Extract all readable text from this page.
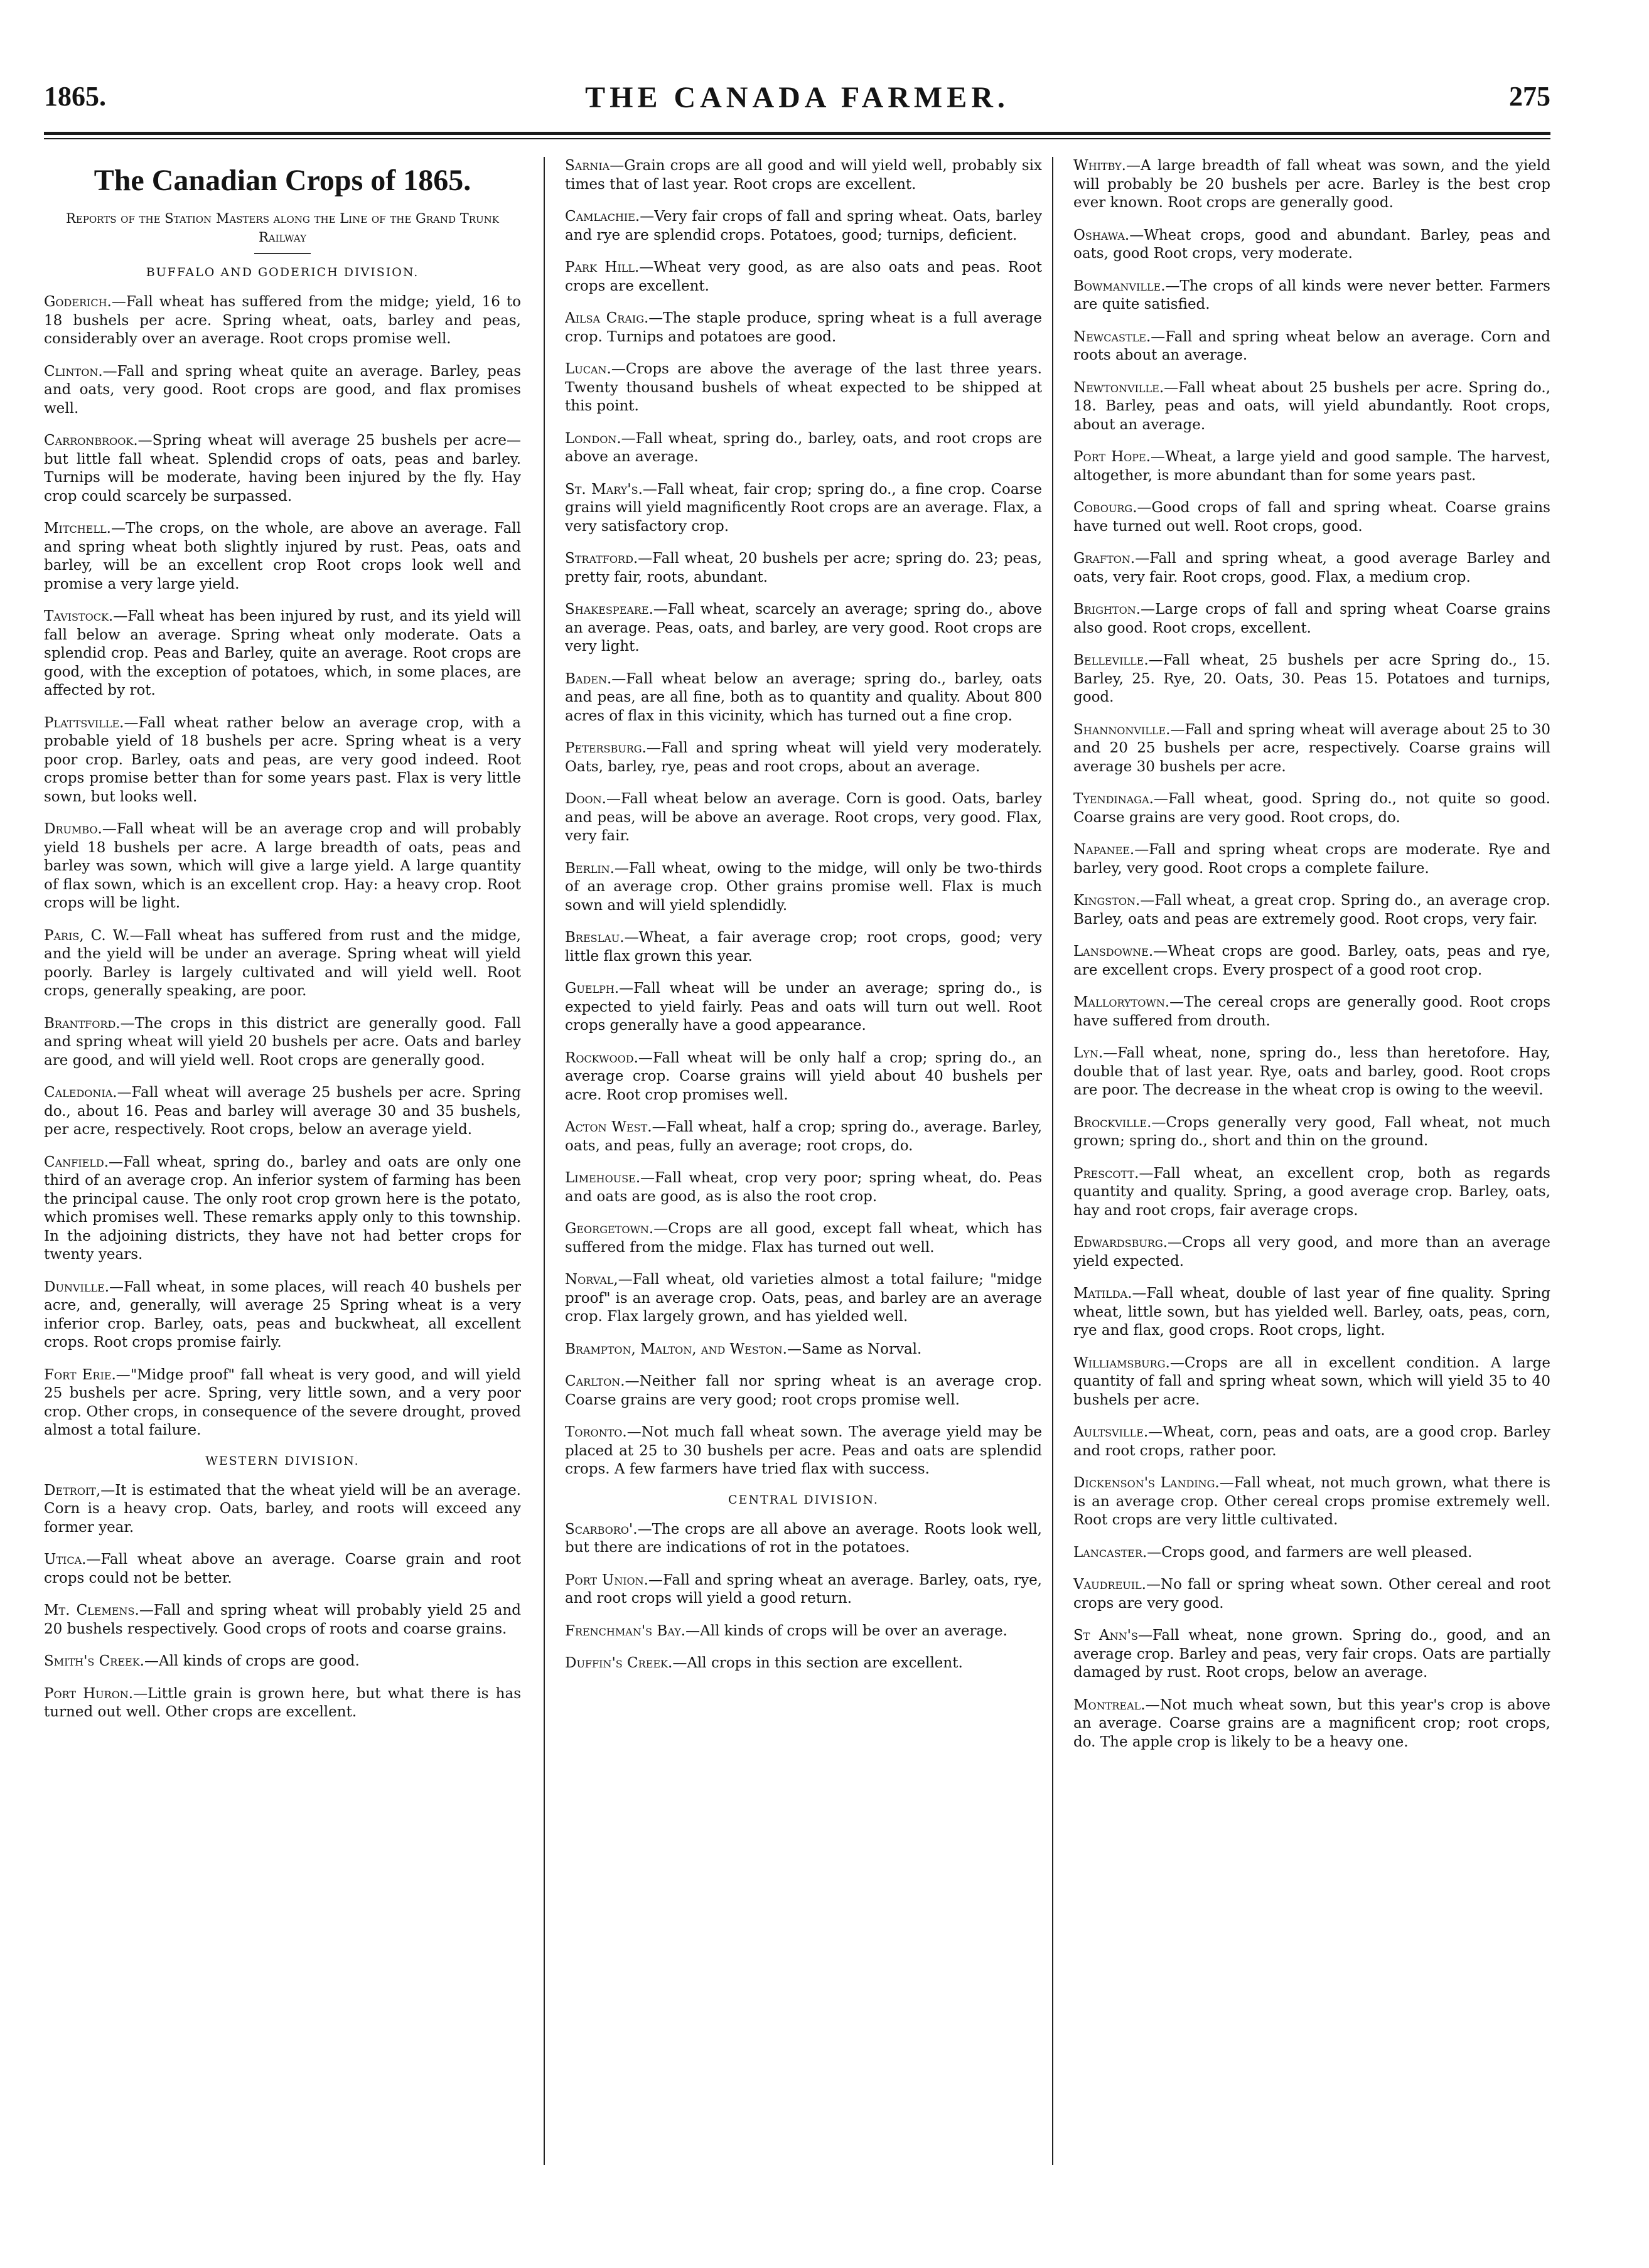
1865.	THE CANADA FARMER.	275
The Canadian Crops of 1865.
Reports of the Station Masters along the Line of the Grand Trunk Railway
BUFFALO AND GODERICH DIVISION.

Goderich.—Fall wheat has suffered from the midge; yield, 16 to 18 bushels per acre. Spring wheat, oats, barley and peas, considerably over an average. Root crops promise well.

Clinton.—Fall and spring wheat quite an average. Barley, peas and oats, very good. Root crops are good, and flax promises well.

Carronbrook.—Spring wheat will average 25 bushels per acre—but little fall wheat. Splendid crops of oats, peas and barley. Turnips will be moderate, having been injured by the fly. Hay crop could scarcely be surpassed.

Mitchell.—The crops, on the whole, are above an average. Fall and spring wheat both slightly injured by rust. Peas, oats and barley, will be an excellent crop Root crops look well and promise a very large yield.

Tavistock.—Fall wheat has been injured by rust, and its yield will fall below an average. Spring wheat only moderate. Oats a splendid crop. Peas and Barley, quite an average. Root crops are good, with the exception of potatoes, which, in some places, are affected by rot.

Plattsville.—Fall wheat rather below an average crop, with a probable yield of 18 bushels per acre. Spring wheat is a very poor crop. Barley, oats and peas, are very good indeed. Root crops promise better than for some years past. Flax is very little sown, but looks well.

Drumbo.—Fall wheat will be an average crop and will probably yield 18 bushels per acre. A large breadth of oats, peas and barley was sown, which will give a large yield. A large quantity of flax sown, which is an excellent crop. Hay: a heavy crop. Root crops will be light.

Paris, C. W.—Fall wheat has suffered from rust and the midge, and the yield will be under an average. Spring wheat will yield poorly. Barley is largely cultivated and will yield well. Root crops, generally speaking, are poor.

Brantford.—The crops in this district are generally good. Fall and spring wheat will yield 20 bushels per acre. Oats and barley are good, and will yield well. Root crops are generally good.

Caledonia.—Fall wheat will average 25 bushels per acre. Spring do., about 16. Peas and barley will average 30 and 35 bushels, per acre, respectively. Root crops, below an average yield.

Canfield.—Fall wheat, spring do., barley and oats are only one third of an average crop. An inferior system of farming has been the principal cause. The only root crop grown here is the potato, which promises well. These remarks apply only to this township. In the adjoining districts, they have not had better crops for twenty years.

Dunville.—Fall wheat, in some places, will reach 40 bushels per acre, and, generally, will average 25 Spring wheat is a very inferior crop. Barley, oats, peas and buckwheat, all excellent crops. Root crops promise fairly.

Fort Erie.—"Midge proof" fall wheat is very good, and will yield 25 bushels per acre. Spring, very little sown, and a very poor crop. Other crops, in consequence of the severe drought, proved almost a total failure.

WESTERN DIVISION.

Detroit,—It is estimated that the wheat yield will be an average. Corn is a heavy crop. Oats, barley, and roots will exceed any former year.

Utica.—Fall wheat above an average. Coarse grain and root crops could not be better.

Mt. Clemens.—Fall and spring wheat will probably yield 25 and 20 bushels respectively. Good crops of roots and coarse grains.

Smith's Creek.—All kinds of crops are good.

Port Huron.—Little grain is grown here, but what there is has turned out well. Other crops are excellent.

Sarnia—Grain crops are all good and will yield well, probably six times that of last year. Root crops are excellent.

Camlachie.—Very fair crops of fall and spring wheat. Oats, barley and rye are splendid crops. Potatoes, good; turnips, deficient.

Park Hill.—Wheat very good, as are also oats and peas. Root crops are excellent.

Ailsa Craig.—The staple produce, spring wheat is a full average crop. Turnips and potatoes are good.

Lucan.—Crops are above the average of the last three years. Twenty thousand bushels of wheat expected to be shipped at this point.

London.—Fall wheat, spring do., barley, oats, and root crops are above an average.

St. Mary's.—Fall wheat, fair crop; spring do., a fine crop. Coarse grains will yield magnificently Root crops are an average. Flax, a very satisfactory crop.

Stratford.—Fall wheat, 20 bushels per acre; spring do. 23; peas, pretty fair, roots, abundant.

Shakespeare.—Fall wheat, scarcely an average; spring do., above an average. Peas, oats, and barley, are very good. Root crops are very light.

Baden.—Fall wheat below an average; spring do., barley, oats and peas, are all fine, both as to quantity and quality. About 800 acres of flax in this vicinity, which has turned out a fine crop.

Petersburg.—Fall and spring wheat will yield very moderately. Oats, barley, rye, peas and root crops, about an average.

Doon.—Fall wheat below an average. Corn is good. Oats, barley and peas, will be above an average. Root crops, very good. Flax, very fair.

Berlin.—Fall wheat, owing to the midge, will only be two-thirds of an average crop. Other grains promise well. Flax is much sown and will yield splendidly.

Breslau.—Wheat, a fair average crop; root crops, good; very little flax grown this year.

Guelph.—Fall wheat will be under an average; spring do., is expected to yield fairly. Peas and oats will turn out well. Root crops generally have a good appearance.

Rockwood.—Fall wheat will be only half a crop; spring do., an average crop. Coarse grains will yield about 40 bushels per acre. Root crop promises well.

Acton West.—Fall wheat, half a crop; spring do., average. Barley, oats, and peas, fully an average; root crops, do.

Limehouse.—Fall wheat, crop very poor; spring wheat, do. Peas and oats are good, as is also the root crop.

Georgetown.—Crops are all good, except fall wheat, which has suffered from the midge. Flax has turned out well.

Norval,—Fall wheat, old varieties almost a total failure; "midge proof" is an average crop. Oats, peas, and barley are an average crop. Flax largely grown, and has yielded well.

Brampton, Malton, and Weston.—Same as Norval.

Carlton.—Neither fall nor spring wheat is an average crop. Coarse grains are very good; root crops promise well.

Toronto.—Not much fall wheat sown. The average yield may be placed at 25 to 30 bushels per acre. Peas and oats are splendid crops. A few farmers have tried flax with success.

CENTRAL DIVISION.

Scarboro'.—The crops are all above an average. Roots look well, but there are indications of rot in the potatoes.

Port Union.—Fall and spring wheat an average. Barley, oats, rye, and root crops will yield a good return.

Frenchman's Bay.—All kinds of crops will be over an average.

Duffin's Creek.—All crops in this section are excellent.

Whitby.—A large breadth of fall wheat was sown, and the yield will probably be 20 bushels per acre. Barley is the best crop ever known. Root crops are generally good.

Oshawa.—Wheat crops, good and abundant. Barley, peas and oats, good Root crops, very moderate.

Bowmanville.—The crops of all kinds were never better. Farmers are quite satisfied.

Newcastle.—Fall and spring wheat below an average. Corn and roots about an average.

Newtonville.—Fall wheat about 25 bushels per acre. Spring do., 18. Barley, peas and oats, will yield abundantly. Root crops, about an average.

Port Hope.—Wheat, a large yield and good sample. The harvest, altogether, is more abundant than for some years past.

Cobourg.—Good crops of fall and spring wheat. Coarse grains have turned out well. Root crops, good.

Grafton.—Fall and spring wheat, a good average Barley and oats, very fair. Root crops, good. Flax, a medium crop.

Brighton.—Large crops of fall and spring wheat Coarse grains also good. Root crops, excellent.

Belleville.—Fall wheat, 25 bushels per acre Spring do., 15. Barley, 25. Rye, 20. Oats, 30. Peas 15. Potatoes and turnips, good.

Shannonville.—Fall and spring wheat will average about 25 to 30 and 20 25 bushels per acre, respectively. Coarse grains will average 30 bushels per acre.

Tyendinaga.—Fall wheat, good. Spring do., not quite so good. Coarse grains are very good. Root crops, do.

Napanee.—Fall and spring wheat crops are moderate. Rye and barley, very good. Root crops a complete failure.

Kingston.—Fall wheat, a great crop. Spring do., an average crop. Barley, oats and peas are extremely good. Root crops, very fair.

Lansdowne.—Wheat crops are good. Barley, oats, peas and rye, are excellent crops. Every prospect of a good root crop.

Mallorytown.—The cereal crops are generally good. Root crops have suffered from drouth.

Lyn.—Fall wheat, none, spring do., less than heretofore. Hay, double that of last year. Rye, oats and barley, good. Root crops are poor. The decrease in the wheat crop is owing to the weevil.

Brockville.—Crops generally very good, Fall wheat, not much grown; spring do., short and thin on the ground.

Prescott.—Fall wheat, an excellent crop, both as regards quantity and quality. Spring, a good average crop. Barley, oats, hay and root crops, fair average crops.

Edwardsburg.—Crops all very good, and more than an average yield expected.

Matilda.—Fall wheat, double of last year of fine quality. Spring wheat, little sown, but has yielded well. Barley, oats, peas, corn, rye and flax, good crops. Root crops, light.

Williamsburg.—Crops are all in excellent condition. A large quantity of fall and spring wheat sown, which will yield 35 to 40 bushels per acre.

Aultsville.—Wheat, corn, peas and oats, are a good crop. Barley and root crops, rather poor.

Dickenson's Landing.—Fall wheat, not much grown, what there is is an average crop. Other cereal crops promise extremely well. Root crops are very little cultivated.

Lancaster.—Crops good, and farmers are well pleased.

Vaudreuil.—No fall or spring wheat sown. Other cereal and root crops are very good.

St Ann's—Fall wheat, none grown. Spring do., good, and an average crop. Barley and peas, very fair crops. Oats are partially damaged by rust. Root crops, below an average.

Montreal.—Not much wheat sown, but this year's crop is above an average. Coarse grains are a magnificent crop; root crops, do. The apple crop is likely to be a heavy one.
